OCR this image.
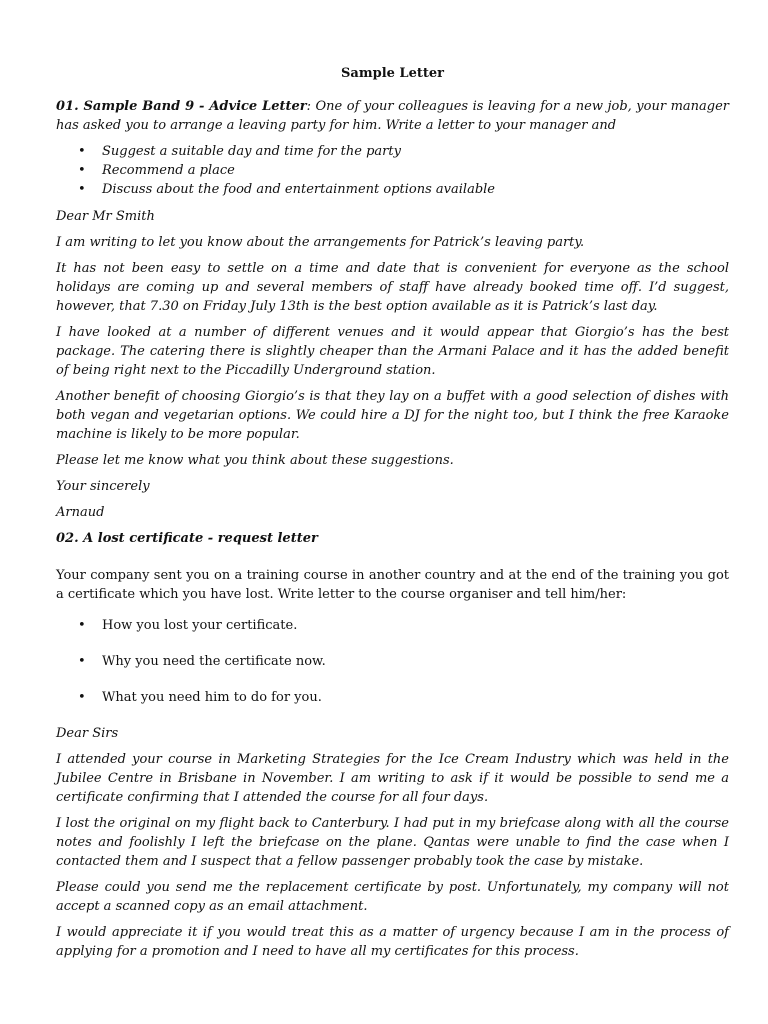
Sample Letter

01. Sample Band 9 - Advice Letter: One of your colleagues is leaving for a new job, your manager has asked you to arrange a leaving party for him. Write a letter to your manager and

• Suggest a suitable day and time for the party
• Recommend a place
• Discuss about the food and entertainment options available

Dear Mr Smith

I am writing to let you know about the arrangements for Patrick’s leaving party.

It has not been easy to settle on a time and date that is convenient for everyone as the school holidays are coming up and several members of staff have already booked time off. I’d suggest, however, that 7.30 on Friday July 13th is the best option available as it is Patrick’s last day.

I have looked at a number of different venues and it would appear that Giorgio’s has the best package. The catering there is slightly cheaper than the Armani Palace and it has the added benefit of being right next to the Piccadilly Underground station.

Another benefit of choosing Giorgio’s is that they lay on a buffet with a good selection of dishes with both vegan and vegetarian options. We could hire a DJ for the night too, but I think the free Karaoke machine is likely to be more popular.

Please let me know what you think about these suggestions.

Your sincerely

Arnaud

02. A lost certificate - request letter

Your company sent you on a training course in another country and at the end of the training you got a certificate which you have lost. Write letter to the course organiser and tell him/her:

• How you lost your certificate.
• Why you need the certificate now.
• What you need him to do for you.

Dear Sirs

I attended your course in Marketing Strategies for the Ice Cream Industry which was held in the Jubilee Centre in Brisbane in November. I am writing to ask if it would be possible to send me a certificate confirming that I attended the course for all four days.

I lost the original on my flight back to Canterbury. I had put in my briefcase along with all the course notes and foolishly I left the briefcase on the plane. Qantas were unable to find the case when I contacted them and I suspect that a fellow passenger probably took the case by mistake.

Please could you send me the replacement certificate by post. Unfortunately, my company will not accept a scanned copy as an email attachment.

I would appreciate it if you would treat this as a matter of urgency because I am in the process of applying for a promotion and I need to have all my certificates for this process.
